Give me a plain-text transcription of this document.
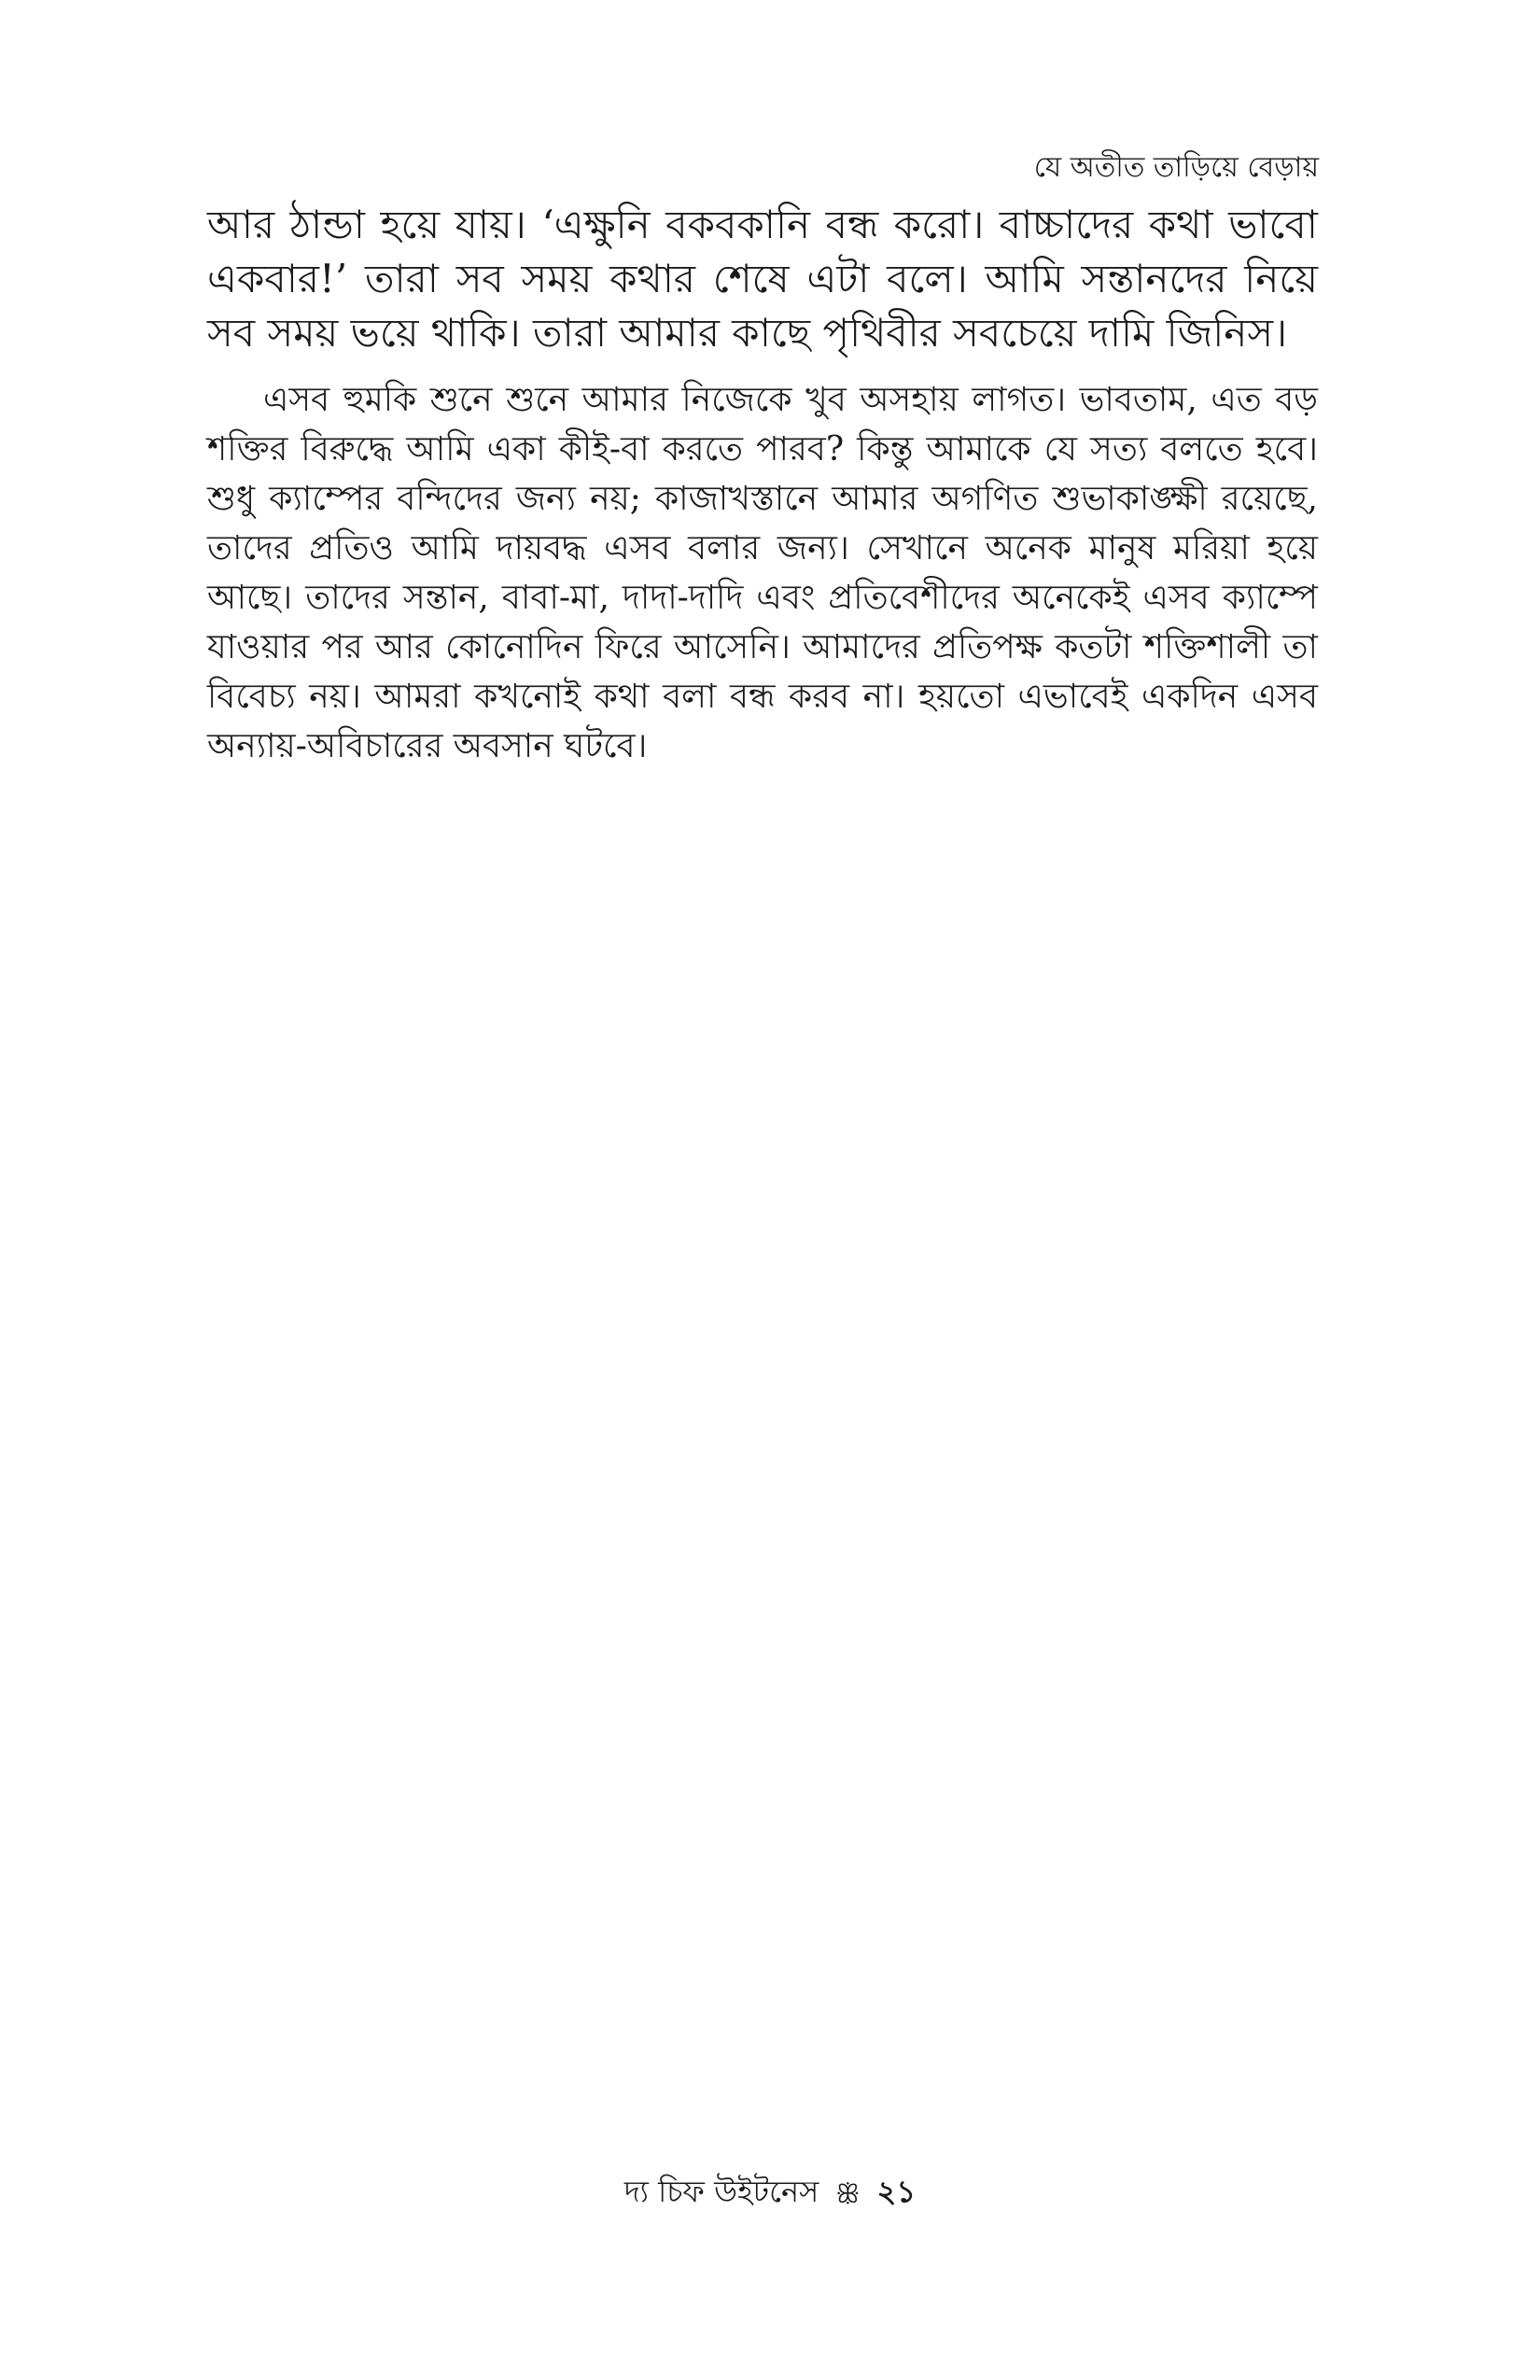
যে অতীত তাড়িয়ে বেড়ায়

আর ঠান্ডা হয়ে যায়। ‘এক্ষুনি বকবকানি বন্ধ করো। বাচ্চাদের কথা ভাবো একবার!’ তারা সব সময় কথার শেষে এটা বলে। আমি সন্তানদের নিয়ে সব সময় ভয়ে থাকি। তারা আমার কাছে পৃথিবীর সবচেয়ে দামি জিনিস।

এসব হুমকি শুনে শুনে আমার নিজেকে খুব অসহায় লাগত। ভাবতাম, এত বড় শক্তির বিরুদ্ধে আমি একা কীই-বা করতে পারব? কিন্তু আমাকে যে সত্য বলতে হবে। শুধু ক্যাম্পের বন্দিদের জন্য নয়; কাজাখস্তানে আমার অগণিত শুভাকাঙ্ক্ষী রয়েছে, তাদের প্রতিও আমি দায়বদ্ধ এসব বলার জন্য। সেখানে অনেক মানুষ মরিয়া হয়ে আছে। তাদের সন্তান, বাবা-মা, দাদা-দাদি এবং প্রতিবেশীদের অনেকেই এসব ক্যাম্পে যাওয়ার পর আর কোনোদিন ফিরে আসেনি। আমাদের প্রতিপক্ষ কতটা শক্তিশালী তা বিবেচ্য নয়। আমরা কখনোই কথা বলা বন্ধ করব না। হয়তো এভাবেই একদিন এসব অন্যায়-অবিচারের অবসান ঘটবে।

দ্য চিফ উইটনেস ꕥ ২১
